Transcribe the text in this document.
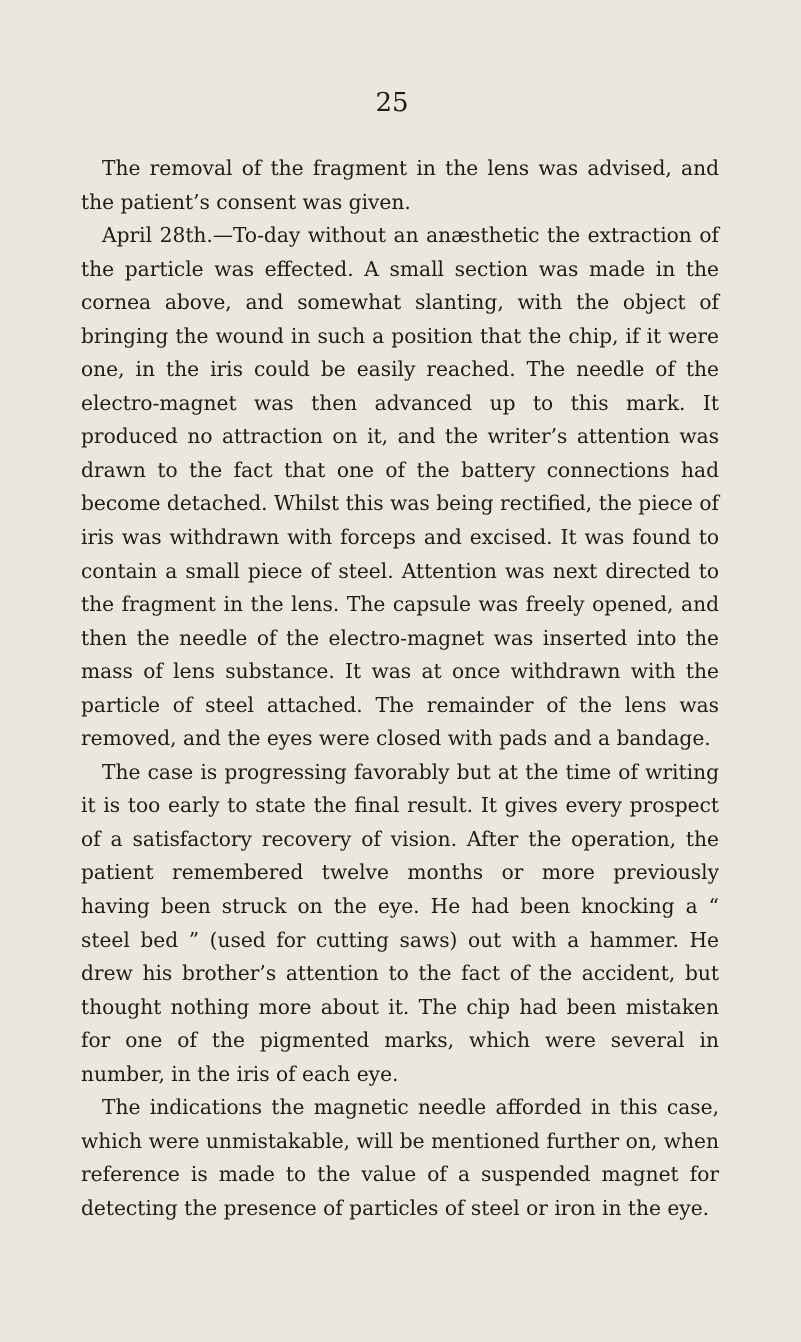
25

The removal of the fragment in the lens was advised, and the patient’s consent was given.

April 28th.—To-day without an anæsthetic the extraction of the particle was effected. A small section was made in the cornea above, and somewhat slanting, with the object of bringing the wound in such a position that the chip, if it were one, in the iris could be easily reached. The needle of the electro-magnet was then advanced up to this mark. It produced no attraction on it, and the writer’s attention was drawn to the fact that one of the battery connections had become detached. Whilst this was being rectified, the piece of iris was withdrawn with forceps and excised. It was found to contain a small piece of steel. Attention was next directed to the fragment in the lens. The capsule was freely opened, and then the needle of the electro-magnet was inserted into the mass of lens substance. It was at once withdrawn with the particle of steel attached. The remainder of the lens was removed, and the eyes were closed with pads and a bandage.

The case is progressing favorably but at the time of writing it is too early to state the final result. It gives every prospect of a satisfactory recovery of vision. After the operation, the patient remembered twelve months or more previously having been struck on the eye. He had been knocking a “ steel bed ” (used for cutting saws) out with a hammer. He drew his brother’s attention to the fact of the accident, but thought nothing more about it. The chip had been mistaken for one of the pigmented marks, which were several in number, in the iris of each eye.

The indications the magnetic needle afforded in this case, which were unmistakable, will be mentioned further on, when reference is made to the value of a suspended magnet for detecting the presence of particles of steel or iron in the eye.
